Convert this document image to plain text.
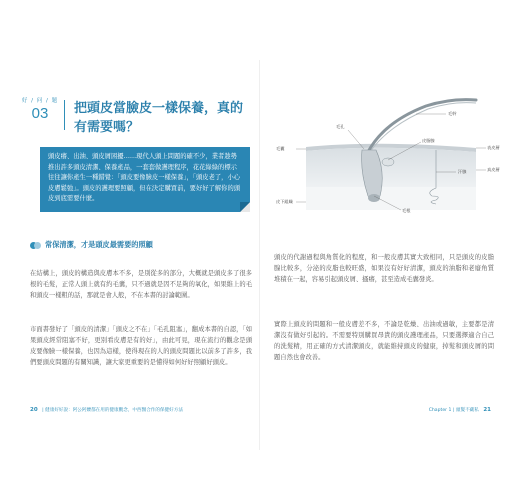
好 / 问 / 题
03	把頭皮當臉皮一樣保養，真的有需要嗎？
頭皮癢、出油、頭皮屑困擾……現代人頭上問題的確不少，業者趁勢推出許多頭皮清潔、保養產品，一套套做護理程序，花花綠綠的標示往往讓你產生一種錯覺：「頭皮要像臉皮一樣保養」，「頭皮老了，小心皮膚鬆弛」。頭皮的護理要照顧，但在決定購買前，要好好了解你的頭皮到底需要什麼。
常保清潔，才是頭皮最需要的照顧

在結構上，頭皮的構造與皮膚本不多，是別從多的部分，大概就是頭皮多了很多根的毛髮，正常人頭上就有約毛囊，只不過就是因不足夠的氧化，如果維上的毛和頭皮一樣粗的話，那就是會人般，不在本書的討論範圍。

市面書發好了「頭皮的清潔」「頭皮之不在」「毛孔阻塞」，翻成本書的自認，「如果頭皮經常阻塞不好，更別看皮膚是有的好」，由此可見，現在流行的觀念是頭皮要像臉一樣保養，也因為這樣，使得現在的人的頭皮問題比以前多了許多，我們要頭皮問題的有關知識，讓大家更重要的是懂得如何好好照顧好頭皮。

20 | 健康好好說：阿公阿嬤都在用的健康觀念，中西醫合作的保健好方法
毛幹
毛孔
皮脂腺
汗腺
毛根
表皮層
真皮層
毛囊
皮下組織

頭皮的代謝過程與角質化的程度，和一般皮膚其實大致相同，只是頭皮的皮脂腺比較多，分泌的皮脂也較旺盛，如果沒有好好清潔，頭皮的油脂和老廢角質堆積在一起，容易引起頭皮屑、搔癢，甚至造成毛囊發炎。

實際上頭皮的問題和一般皮膚差不多，不論是乾燥、出油或過敏，主要都是清潔沒有做好引起的。不需要特別購買昂貴的頭皮護理產品，只要選擇適合自己的洗髮精，用正確的方式清潔頭皮，就能維持頭皮的健康，掉髮和頭皮屑的問題自然也會改善。

Chapter 1 | 頭髮不藏私 21
